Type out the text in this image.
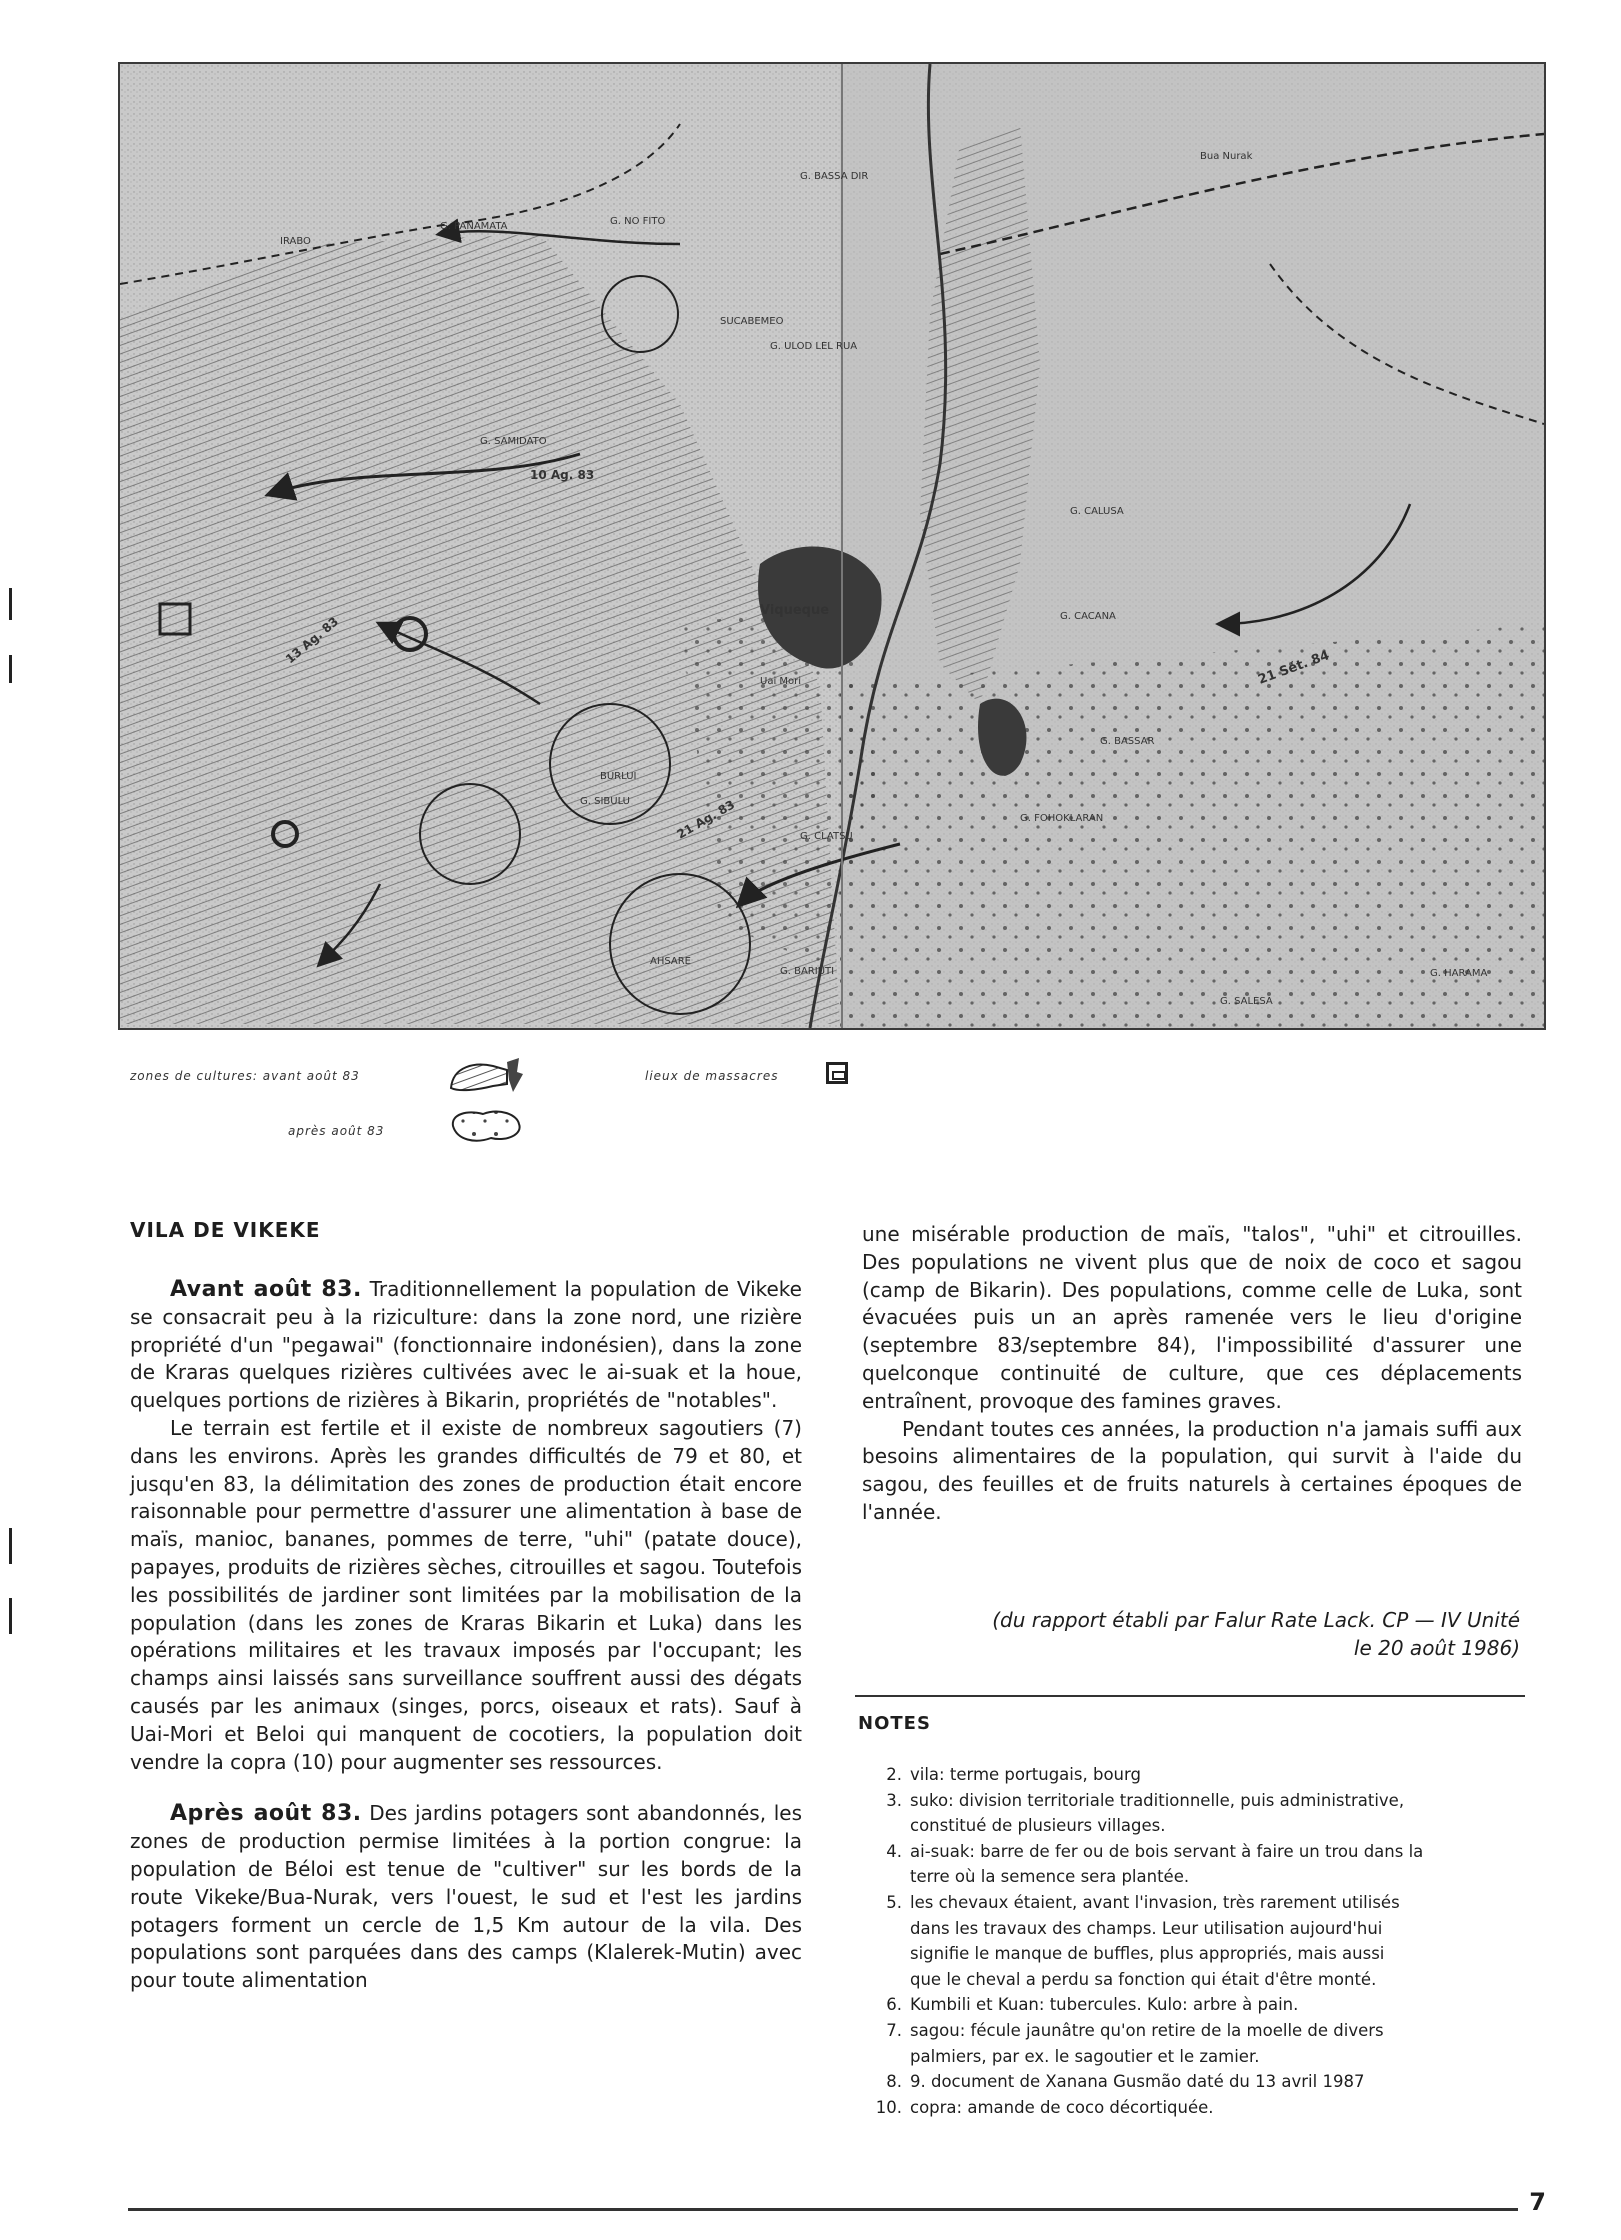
Viqueque
Bua Nurak
G. BASSA DIR
G. NO FITO
G. PANAMATA
IRABO
SUCABEMEO
G. ULOD LEL RUA
G. CALUSA
G. CACANA
G. BASSAR
G. FOHOKLARAN
Uai Mori
BURLUI
G. SIBULU
AHSARE
G. BARIUTI
G. CLATSU
G. HARAMA
G. SALESA
G. SAMIDATO
10 Ag. 83
21 Ag. 83
13 Ag. 83
21 Sét. 84
zones de cultures: avant août 83	lieux de massacres
après août 83
VILA DE VIKEKE

Avant août 83. Traditionnellement la population de Vikeke se consacrait peu à la riziculture: dans la zone nord, une rizière propriété d'un "pegawai" (fonctionnaire indonésien), dans la zone de Kraras quelques rizières cultivées avec le ai-suak et la houe, quelques portions de rizières à Bikarin, propriétés de "notables".

Le terrain est fertile et il existe de nombreux sagoutiers (7) dans les environs. Après les grandes difficultés de 79 et 80, et jusqu'en 83, la délimitation des zones de production était encore raisonnable pour permettre d'assurer une alimentation à base de maïs, manioc, bananes, pommes de terre, "uhi" (patate douce), papayes, produits de rizières sèches, citrouilles et sagou. Toutefois les possibilités de jardiner sont limitées par la mobilisation de la population (dans les zones de Kraras Bikarin et Luka) dans les opérations militaires et les travaux imposés par l'occupant; les champs ainsi laissés sans surveillance souffrent aussi des dégats causés par les animaux (singes, porcs, oiseaux et rats). Sauf à Uai-Mori et Beloi qui manquent de cocotiers, la population doit vendre la copra (10) pour augmenter ses ressources.

Après août 83. Des jardins potagers sont abandonnés, les zones de production permise limitées à la portion congrue: la population de Béloi est tenue de "cultiver" sur les bords de la route Vikeke/Bua-Nurak, vers l'ouest, le sud et l'est les jardins potagers forment un cercle de 1,5 Km autour de la vila. Des populations sont parquées dans des camps (Klalerek-Mutin) avec pour toute alimentation

une misérable production de maïs, "talos", "uhi" et citrouilles. Des populations ne vivent plus que de noix de coco et sagou (camp de Bikarin). Des populations, comme celle de Luka, sont évacuées puis un an après ramenée vers le lieu d'origine (septembre 83/septembre 84), l'impossibilité d'assurer une quelconque continuité de culture, que ces déplacements entraînent, provoque des famines graves.

Pendant toutes ces années, la production n'a jamais suffi aux besoins alimentaires de la population, qui survit à l'aide du sagou, des feuilles et de fruits naturels à certaines époques de l'année.

(du rapport établi par Falur Rate Lack. CP — IV Unité
le 20 août 1986)
NOTES
2. vila: terme portugais, bourg
3. suko: division territoriale traditionnelle, puis administrative,
constitué de plusieurs villages.
4. ai-suak: barre de fer ou de bois servant à faire un trou dans la
terre où la semence sera plantée.
5. les chevaux étaient, avant l'invasion, très rarement utilisés
dans les travaux des champs. Leur utilisation aujourd'hui
signifie le manque de buffles, plus appropriés, mais aussi
que le cheval a perdu sa fonction qui était d'être monté.
6. Kumbili et Kuan: tubercules. Kulo: arbre à pain.
7. sagou: fécule jaunâtre qu'on retire de la moelle de divers
palmiers, par ex. le sagoutier et le zamier.
8. 9. document de Xanana Gusmão daté du 13 avril 1987
10. copra: amande de coco décortiquée.
7
